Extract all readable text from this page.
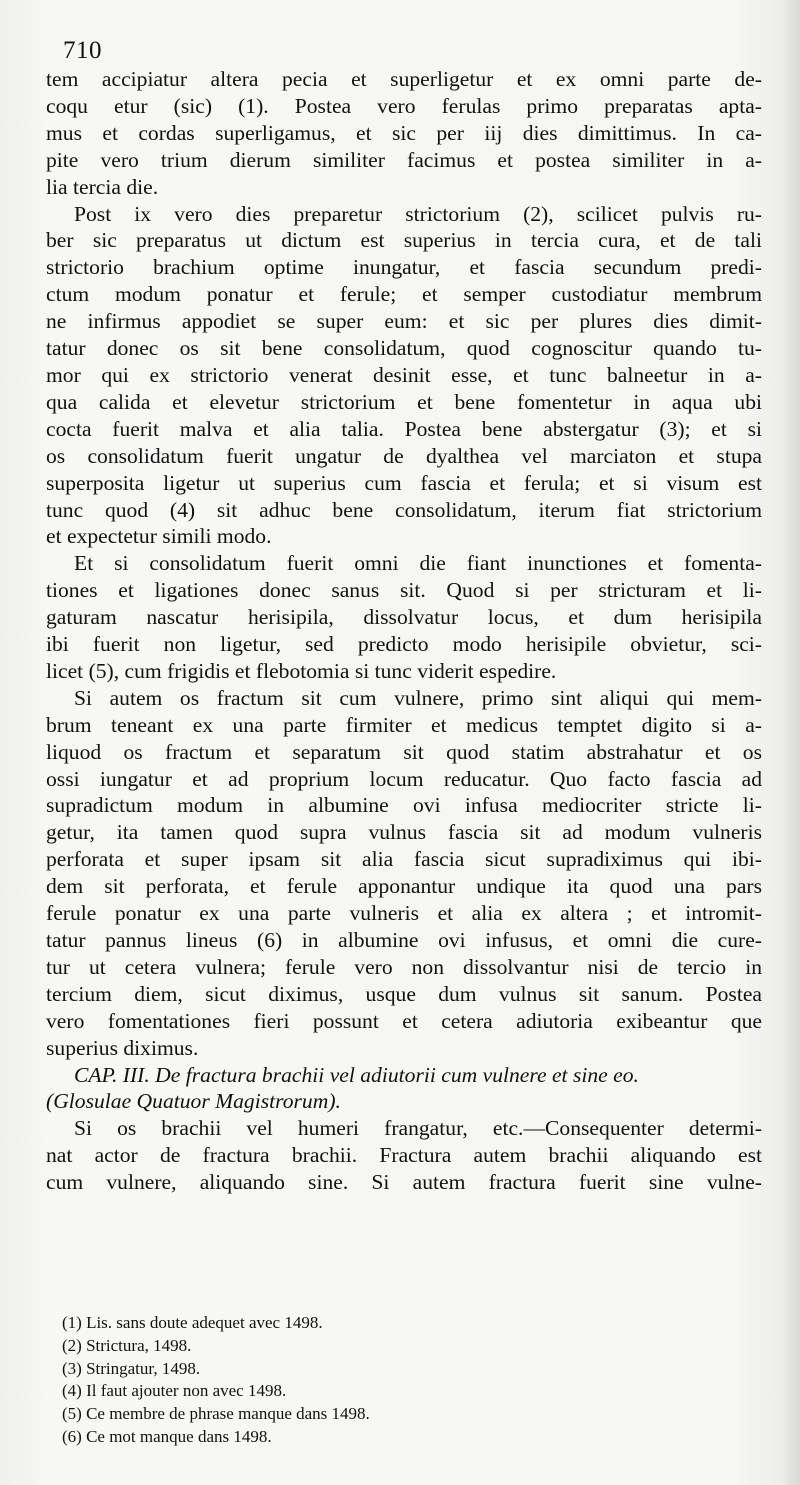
710
tem accipiatur altera pecia et superligetur et ex omni parte de-
coqu etur (sic) (1). Postea vero ferulas primo preparatas apta-
mus et cordas superligamus, et sic per iij dies dimittimus. In ca-
pite vero trium dierum similiter facimus et postea similiter in a-
lia tercia die.
Post ix vero dies preparetur strictorium (2), scilicet pulvis ru-
ber sic preparatus ut dictum est superius in tercia cura, et de tali
strictorio brachium optime inungatur, et fascia secundum predi-
ctum modum ponatur et ferule; et semper custodiatur membrum
ne infirmus appodiet se super eum: et sic per plures dies dimit-
tatur donec os sit bene consolidatum, quod cognoscitur quando tu-
mor qui ex strictorio venerat desinit esse, et tunc balneetur in a-
qua calida et elevetur strictorium et bene fomentetur in aqua ubi
cocta fuerit malva et alia talia. Postea bene abstergatur (3); et si
os consolidatum fuerit ungatur de dyalthea vel marciaton et stupa
superposita ligetur ut superius cum fascia et ferula; et si visum est
tunc quod (4) sit adhuc bene consolidatum, iterum fiat strictorium
et expectetur simili modo.
Et si consolidatum fuerit omni die fiant inunctiones et fomenta-
tiones et ligationes donec sanus sit. Quod si per stricturam et li-
gaturam nascatur herisipila, dissolvatur locus, et dum herisipila
ibi fuerit non ligetur, sed predicto modo herisipile obvietur, sci-
licet (5), cum frigidis et flebotomia si tunc viderit espedire.
Si autem os fractum sit cum vulnere, primo sint aliqui qui mem-
brum teneant ex una parte firmiter et medicus temptet digito si a-
liquod os fractum et separatum sit quod statim abstrahatur et os
ossi iungatur et ad proprium locum reducatur. Quo facto fascia ad
supradictum modum in albumine ovi infusa mediocriter stricte li-
getur, ita tamen quod supra vulnus fascia sit ad modum vulneris
perforata et super ipsam sit alia fascia sicut supradiximus qui ibi-
dem sit perforata, et ferule apponantur undique ita quod una pars
ferule ponatur ex una parte vulneris et alia ex altera ; et intromit-
tatur pannus lineus (6) in albumine ovi infusus, et omni die cure-
tur ut cetera vulnera; ferule vero non dissolvantur nisi de tercio in
tercium diem, sicut diximus, usque dum vulnus sit sanum. Postea
vero fomentationes fieri possunt et cetera adiutoria exibeantur que
superius diximus.
CAP. III. De fractura brachii vel adiutorii cum vulnere et sine eo.
(Glosulae Quatuor Magistrorum).
Si os brachii vel humeri frangatur, etc.—Consequenter determi-
nat actor de fractura brachii. Fractura autem brachii aliquando est
cum vulnere, aliquando sine. Si autem fractura fuerit sine vulne-
(1) Lis. sans doute adequet avec 1498.
(2) Strictura, 1498.
(3) Stringatur, 1498.
(4) Il faut ajouter non avec 1498.
(5) Ce membre de phrase manque dans 1498.
(6) Ce mot manque dans 1498.
